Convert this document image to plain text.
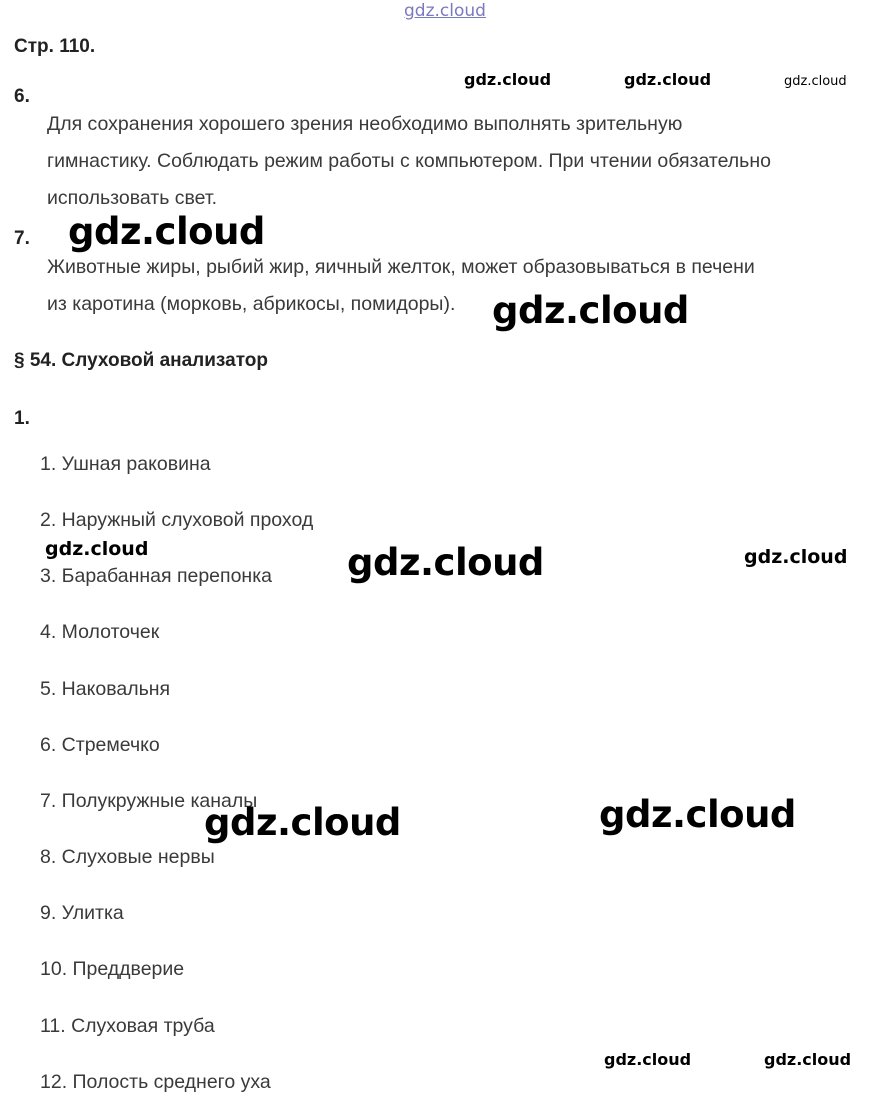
gdz.cloud
Стр. 110.
gdz.cloud	gdz.cloud	gdz.cloud
6.
Для сохранения хорошего зрения необходимо выполнять зрительную
гимнастику. Соблюдать режим работы с компьютером. При чтении обязательно
использовать свет.
7. gdz.cloud
Животные жиры, рыбий жир, яичный желток, может образовываться в печени
из каротина (морковь, абрикосы, помидоры). gdz.cloud
§ 54. Слуховой анализатор
1.
1. Ушная раковина
2. Наружный слуховой проход
gdz.cloud	gdz.cloud	gdz.cloud
3. Барабанная перепонка
4. Молоточек
5. Наковальня
6. Стремечко
7. Полукружные каналы	gdz.cloud
gdz.cloud
8. Слуховые нервы
9. Улитка
10. Преддверие
11. Слуховая труба
gdz.cloud	gdz.cloud
12. Полость среднего уха
